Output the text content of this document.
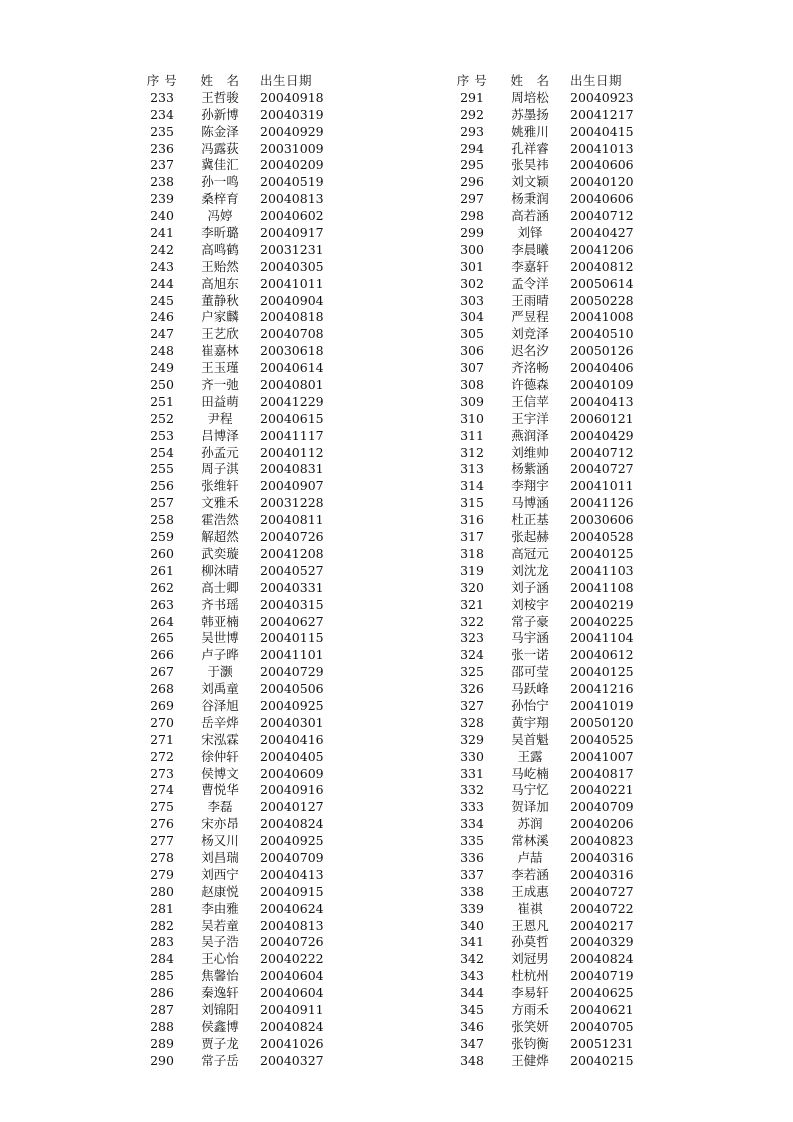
序 号	姓　名	出生日期
233	王哲骏	20040918
234	孙新博	20040319
235	陈金泽	20040929
236	冯露荻	20031009
237	冀佳汇	20040209
238	孙一鸣	20040519
239	桑梓育	20040813
240	冯婷	20040602
241	李昕璐	20040917
242	高鸣鹤	20031231
243	王贻然	20040305
244	高旭东	20041011
245	董静秋	20040904
246	户家麟	20040818
247	王艺欣	20040708
248	崔嘉林	20030618
249	王玉瑾	20040614
250	齐一弛	20040801
251	田益萌	20041229
252	尹程	20040615
253	吕博泽	20041117
254	孙孟元	20040112
255	周子淇	20040831
256	张维轩	20040907
257	文雅禾	20031228
258	霍浩然	20040811
259	解超然	20040726
260	武奕璇	20041208
261	柳沐晴	20040527
262	高士卿	20040331
263	齐书瑶	20040315
264	韩亚楠	20040627
265	吴世博	20040115
266	卢子晔	20041101
267	于灏	20040729
268	刘禹童	20040506
269	谷泽旭	20040925
270	岳辛烨	20040301
271	宋泓霖	20040416
272	徐仲轩	20040405
273	侯博文	20040609
274	曹悦华	20040916
275	李磊	20040127
276	宋亦昂	20040824
277	杨又川	20040925
278	刘昌瑞	20040709
279	刘西宁	20040413
280	赵康悦	20040915
281	李由雅	20040624
282	吴若童	20040813
283	吴子浩	20040726
284	王心怡	20040222
285	焦馨怡	20040604
286	秦逸轩	20040604
287	刘锦阳	20040911
288	侯鑫博	20040824
289	贾子龙	20041026
290	常子岳	20040327
序 号	姓　名	出生日期
291	周培松	20040923
292	苏墨扬	20041217
293	姚雅川	20040415
294	孔祥睿	20041013
295	张昊祎	20040606
296	刘文颖	20040120
297	杨秉润	20040606
298	高若涵	20040712
299	刘铎	20040427
300	李晨曦	20041206
301	李嘉轩	20040812
302	孟令洋	20050614
303	王雨晴	20050228
304	严昱程	20041008
305	刘竞泽	20040510
306	迟名汐	20050126
307	齐洺畅	20040406
308	许德森	20040109
309	王信苹	20040413
310	王宇洋	20060121
311	燕润泽	20040429
312	刘维帅	20040712
313	杨紫涵	20040727
314	李翔宇	20041011
315	马博涵	20041126
316	杜正基	20030606
317	张起赫	20040528
318	高冠元	20040125
319	刘沈龙	20041103
320	刘子涵	20041108
321	刘桉宇	20040219
322	常子豪	20040225
323	马宇涵	20041104
324	张一诺	20040612
325	邵可莹	20040125
326	马跃峰	20041216
327	孙怡宁	20041019
328	黄宇翔	20050120
329	吴首魁	20040525
330	王露	20041007
331	马屹楠	20040817
332	马宁忆	20040221
333	贺译加	20040709
334	苏润	20040206
335	常林溪	20040823
336	卢喆	20040316
337	李若涵	20040316
338	王成惠	20040727
339	崔祺	20040722
340	王恩凡	20040217
341	孙莫哲	20040329
342	刘冠男	20040824
343	杜杭州	20040719
344	李易轩	20040625
345	方雨禾	20040621
346	张笑妍	20040705
347	张钧衡	20051231
348	王健烨	20040215
